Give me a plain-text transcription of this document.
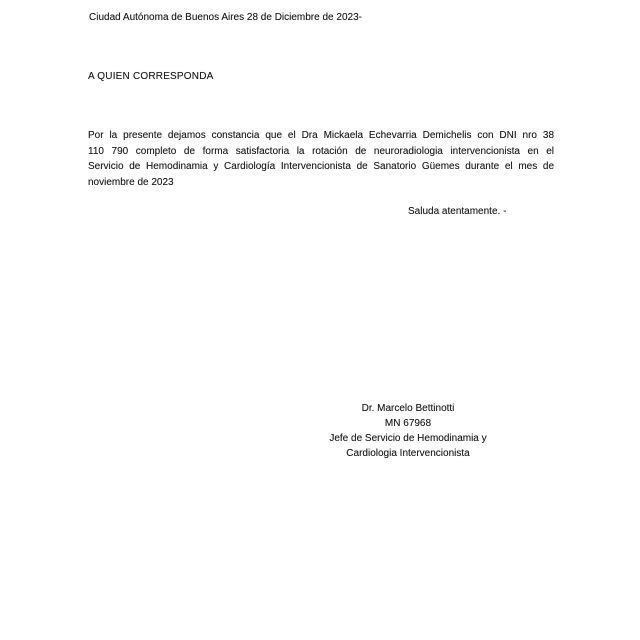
Ciudad Autónoma de Buenos Aires 28 de Diciembre de 2023-
A QUIEN CORRESPONDA
Por la presente dejamos constancia que el Dra Mickaela Echevarria Demichelis con DNI nro 38
110 790 completo de forma satisfactoria la rotación de neuroradiologia intervencionista en el
Servicio de Hemodinamia y Cardiología Intervencionista de Sanatorio Güemes durante el mes de
noviembre de 2023
Saluda atentamente. -
Dr. Marcelo Bettinotti
MN 67968
Jefe de Servicio de Hemodinamia y
Cardiologia Intervencionista
